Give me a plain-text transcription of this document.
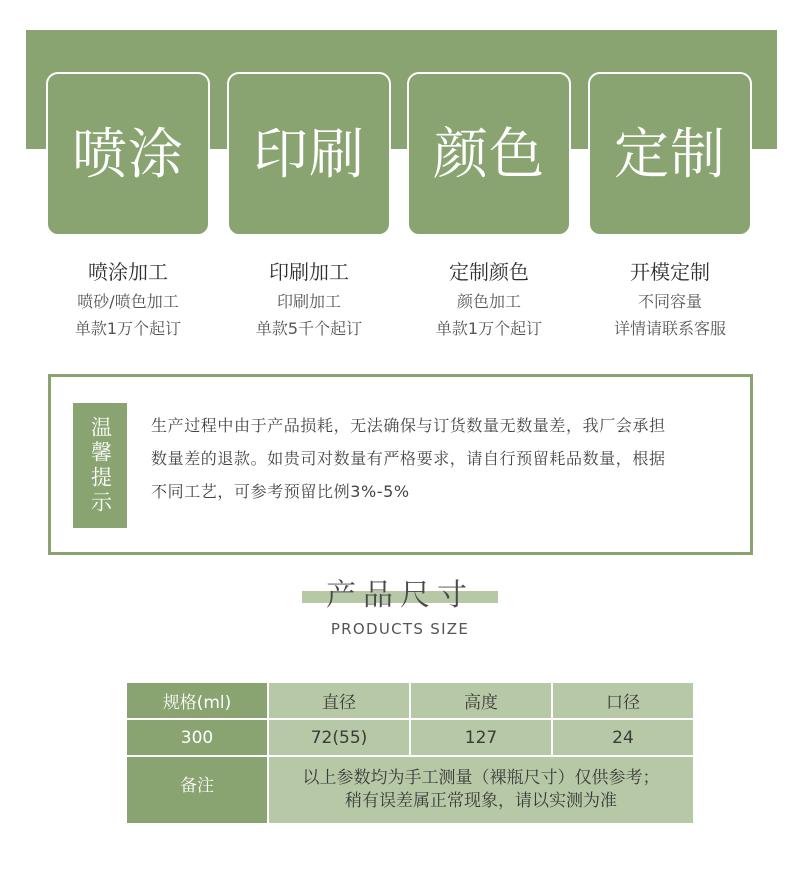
喷涂 印刷 颜色 定制
喷涂加工
喷砂/喷色加工
单款1万个起订
印刷加工
印刷加工
单款5千个起订
定制颜色
颜色加工
单款1万个起订
开模定制
不同容量
详情请联系客服
温馨提示	生产过程中由于产品损耗，无法确保与订货数量无数量差，我厂会承担
数量差的退款。如贵司对数量有严格要求，请自行预留耗品数量，根据
不同工艺，可参考预留比例3%-5%
产品尺寸
PRODUCTS SIZE
规格(ml)	直径	高度	口径
300	72(55)	127	24
备注	以上参数均为手工测量（裸瓶尺寸）仅供参考；
稍有误差属正常现象，请以实测为准		
